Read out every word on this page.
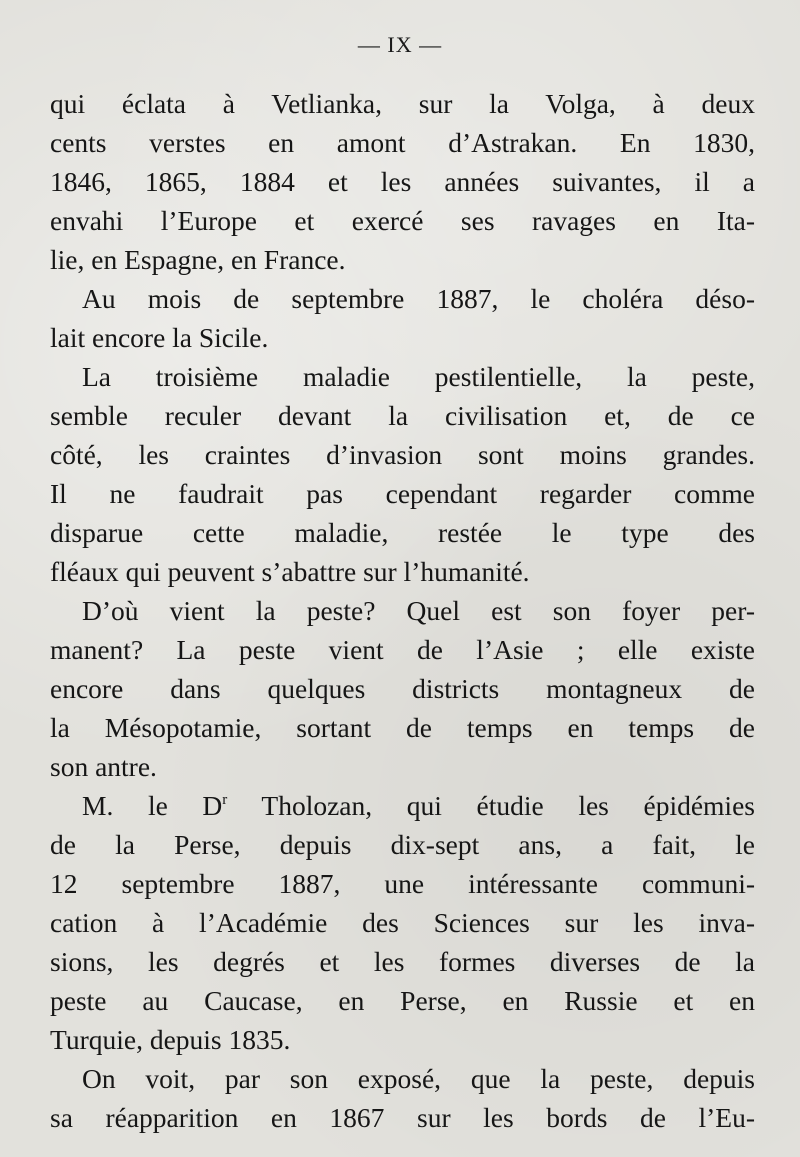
— IX —
qui éclata à Vetlianka, sur la Volga, à deux
cents verstes en amont d’Astrakan. En 1830,
1846, 1865, 1884 et les années suivantes, il a
envahi l’Europe et exercé ses ravages en Ita-
lie, en Espagne, en France.
Au mois de septembre 1887, le choléra déso-
lait encore la Sicile.
La troisième maladie pestilentielle, la peste,
semble reculer devant la civilisation et, de ce
côté, les craintes d’invasion sont moins grandes.
Il ne faudrait pas cependant regarder comme
disparue cette maladie, restée le type des
fléaux qui peuvent s’abattre sur l’humanité.
D’où vient la peste? Quel est son foyer per-
manent? La peste vient de l’Asie ; elle existe
encore dans quelques districts montagneux de
la Mésopotamie, sortant de temps en temps de
son antre.
M. le $D^r$ Tholozan, qui étudie les épidémies
de la Perse, depuis dix-sept ans, a fait, le
12 septembre 1887, une intéressante communi-
cation à l’Académie des Sciences sur les inva-
sions, les degrés et les formes diverses de la
peste au Caucase, en Perse, en Russie et en
Turquie, depuis 1835.
On voit, par son exposé, que la peste, depuis
sa réapparition en 1867 sur les bords de l’Eu-
